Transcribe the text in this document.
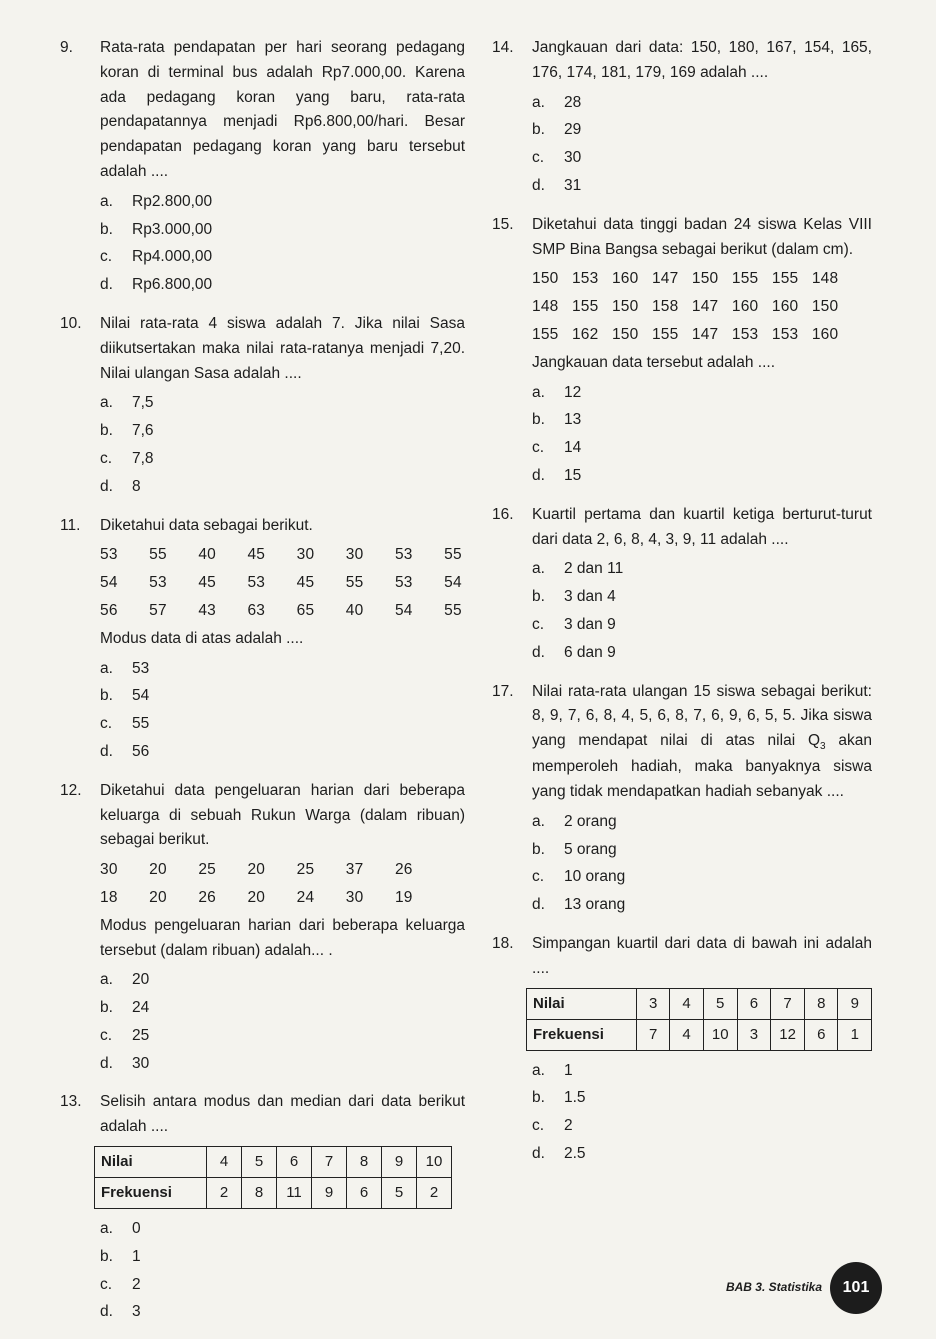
9. Rata-rata pendapatan per hari seorang pedagang koran di terminal bus adalah Rp7.000,00. Karena ada pedagang koran yang baru, rata-rata pendapatannya menjadi Rp6.800,00/hari. Besar pendapatan pedagang koran yang baru tersebut adalah ....
a.	Rp2.800,00
b.	Rp3.000,00
c.	Rp4.000,00
d.	Rp6.800,00
10. Nilai rata-rata 4 siswa adalah 7. Jika nilai Sasa diikutsertakan maka nilai rata-ratanya menjadi 7,20. Nilai ulangan Sasa adalah ....
a.	7,5
b.	7,6
c.	7,8
d.	8
11. Diketahui data sebagai berikut.
53   55   40   45   30   30   53   55
54   53   45   53   45   55   53   54
56   57   43   63   65   40   54   55
Modus data di atas adalah ....
a.	53
b.	54
c.	55
d.	56
12. Diketahui data pengeluaran harian dari beberapa keluarga di sebuah Rukun Warga (dalam ribuan) sebagai berikut.
30   20   25   20   25   37   26
18   20   26   20   24   30   19
Modus pengeluaran harian dari beberapa keluarga tersebut (dalam ribuan) adalah... .
a.	20
b.	24
c.	25
d.	30
13. Selisih antara modus dan median dari data berikut adalah ....
Nilai	4	5	6	7	8	9	10
Frekuensi	2	8	11	9	6	5	2
a.	0
b.	1
c.	2
d.	3
14. Jangkauan dari data: 150, 180, 167, 154, 165, 176, 174, 181, 179, 169 adalah ....
a.	28
b.	29
c.	30
d.	31
15. Diketahui data tinggi badan 24 siswa Kelas VIII SMP Bina Bangsa sebagai berikut (dalam cm).
150   153   160   147   150   155   155   148
148   155   150   158   147   160   160   150
155   162   150   155   147   153   153   160
Jangkauan data tersebut adalah ....
a.	12
b.	13
c.	14
d.	15
16. Kuartil pertama dan kuartil ketiga berturut-turut dari data 2, 6, 8, 4, 3, 9, 11 adalah ....
a.	2 dan 11
b.	3 dan 4
c.	3 dan 9
d.	6 dan 9
17. Nilai rata-rata ulangan 15 siswa sebagai berikut: 8, 9, 7, 6, 8, 4, 5, 6, 8, 7, 6, 9, 6, 5, 5. Jika siswa yang mendapat nilai di atas nilai $Q_3$ akan memperoleh hadiah, maka banyaknya siswa yang tidak mendapatkan hadiah sebanyak ....
a.	2 orang
b.	5 orang
c.	10 orang
d.	13 orang
18. Simpangan kuartil dari data di bawah ini adalah ....
Nilai	3	4	5	6	7	8	9
Frekuensi	7	4	10	3	12	6	1
a.	1
b.	1.5
c.	2
d.	2.5
BAB 3. Statistika	101
